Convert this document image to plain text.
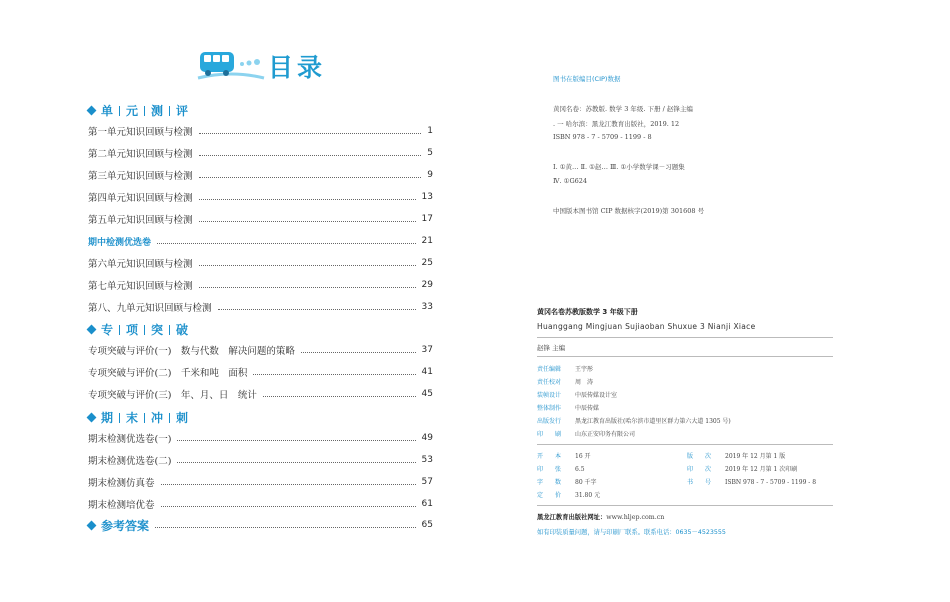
目录
单 元 测 评
第一单元知识回顾与检测	1
第二单元知识回顾与检测	5
第三单元知识回顾与检测	9
第四单元知识回顾与检测	13
第五单元知识回顾与检测	17
期中检测优选卷	21
第六单元知识回顾与检测	25
第七单元知识回顾与检测	29
第八、九单元知识回顾与检测	33
专 项 突 破
专项突破与评价(一)　数与代数　解决问题的策略	37
专项突破与评价(二)　千米和吨　面积	41
专项突破与评价(三)　年、月、日　统计	45
期 末 冲 刺
期末检测优选卷(一)	49
期末检测优选卷(二)	53
期末检测仿真卷	57
期末检测培优卷	61
参考答案	65
图书在版编目(CIP)数据
黄冈名卷：苏教版. 数学 3 年级. 下册 / 赵锋主编
. 一 哈尔滨：黑龙江教育出版社，2019. 12
ISBN 978 - 7 - 5709 - 1199 - 8
Ⅰ. ①黄… Ⅱ. ①赵… Ⅲ. ①小学数学课－习题集
Ⅳ. ①G624
中国版本图书馆 CIP 数据核字(2019)第 301608 号
黄冈名卷苏教版数学 3 年级下册
Huanggang Mingjuan Sujiaoban Shuxue 3 Nianji Xiace
赵锋 主编
责任编辑 王宇彤
责任校对 周　涛
装帧设计 中辰传媒设计室
整体制作 中辰传媒
出版发行 黑龙江教育出版社(哈尔滨市道里区群力第六大道 1305 号)
印　　刷 山东正安印务有限公司
开　　本 16 开	版　　次 2019 年 12 月第 1 版
印　　张 6.5	印　　次 2019 年 12 月第 1 次印刷
字　　数 80 千字	书　　号 ISBN 978 - 7 - 5709 - 1199 - 8
定　　价 31.80 元
黑龙江教育出版社网址：www.hljep.com.cn
如有印装质量问题，请与印刷厂联系。联系电话：0635－4523555
